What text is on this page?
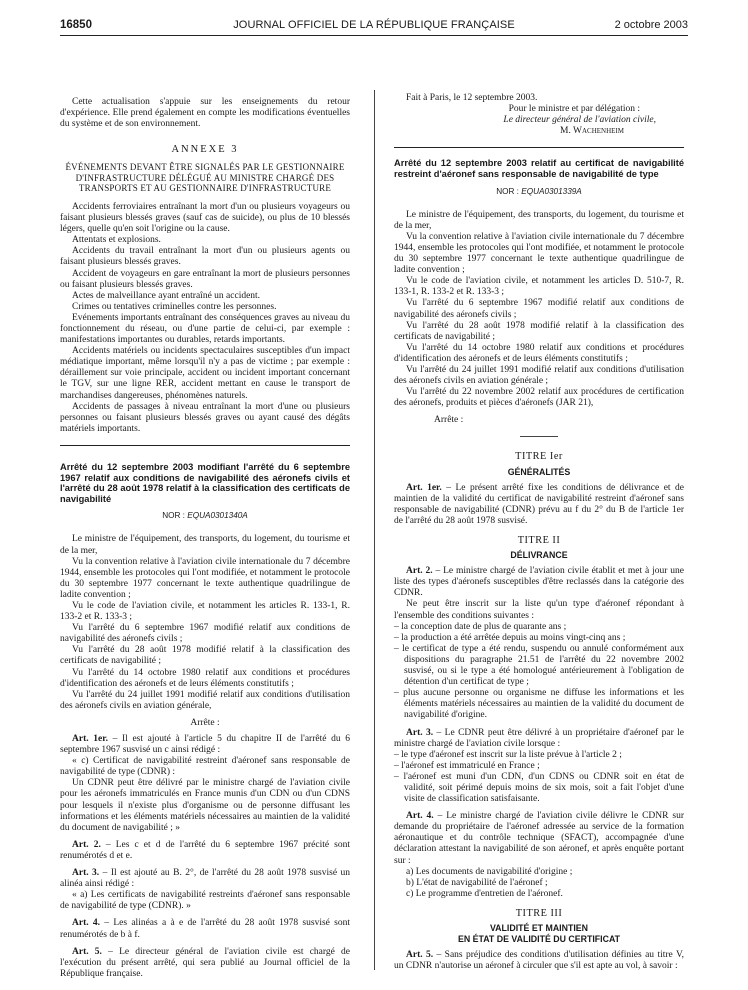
16850	JOURNAL OFFICIEL DE LA RÉPUBLIQUE FRANÇAISE	2 octobre 2003

Cette actualisation s'appuie sur les enseignements du retour d'expérience. Elle prend également en compte les modifications éventuelles du système et de son environnement.

ANNEXE 3
ÉVÉNEMENTS DEVANT ÊTRE SIGNALÉS PAR LE GESTIONNAIRE D'INFRASTRUCTURE DÉLÉGUÉ AU MINISTRE CHARGÉ DES TRANSPORTS ET AU GESTIONNAIRE D'INFRASTRUCTURE

Accidents ferroviaires entraînant la mort d'un ou plusieurs voyageurs ou faisant plusieurs blessés graves (sauf cas de suicide), ou plus de 10 blessés légers, quelle qu'en soit l'origine ou la cause.

Attentats et explosions.

Accidents du travail entraînant la mort d'un ou plusieurs agents ou faisant plusieurs blessés graves.

Accident de voyageurs en gare entraînant la mort de plusieurs personnes ou faisant plusieurs blessés graves.

Actes de malveillance ayant entraîné un accident.

Crimes ou tentatives criminelles contre les personnes.

Evénements importants entraînant des conséquences graves au niveau du fonctionnement du réseau, ou d'une partie de celui-ci, par exemple : manifestations importantes ou durables, retards importants.

Accidents matériels ou incidents spectaculaires susceptibles d'un impact médiatique important, même lorsqu'il n'y a pas de victime ; par exemple : déraillement sur voie principale, accident ou incident important concernant le TGV, sur une ligne RER, accident mettant en cause le transport de marchandises dangereuses, phénomènes naturels.

Accidents de passages à niveau entraînant la mort d'une ou plusieurs personnes ou faisant plusieurs blessés graves ou ayant causé des dégâts matériels importants.

Arrêté du 12 septembre 2003 modifiant l'arrêté du 6 septembre 1967 relatif aux conditions de navigabilité des aéronefs civils et l'arrêté du 28 août 1978 relatif à la classification des certificats de navigabilité

NOR : EQUA0301340A

Le ministre de l'équipement, des transports, du logement, du tourisme et de la mer,

Vu la convention relative à l'aviation civile internationale du 7 décembre 1944, ensemble les protocoles qui l'ont modifiée, et notamment le protocole du 30 septembre 1977 concernant le texte authentique quadrilingue de ladite convention ;

Vu le code de l'aviation civile, et notamment les articles R. 133-1, R. 133-2 et R. 133-3 ;

Vu l'arrêté du 6 septembre 1967 modifié relatif aux conditions de navigabilité des aéronefs civils ;

Vu l'arrêté du 28 août 1978 modifié relatif à la classification des certificats de navigabilité ;

Vu l'arrêté du 14 octobre 1980 relatif aux conditions et procédures d'identification des aéronefs et de leurs éléments constitutifs ;

Vu l'arrêté du 24 juillet 1991 modifié relatif aux conditions d'utilisation des aéronefs civils en aviation générale,

Arrête :

Art. 1er. – Il est ajouté à l'article 5 du chapitre II de l'arrêté du 6 septembre 1967 susvisé un c ainsi rédigé :

« c) Certificat de navigabilité restreint d'aéronef sans responsable de navigabilité de type (CDNR) :

Un CDNR peut être délivré par le ministre chargé de l'aviation civile pour les aéronefs immatriculés en France munis d'un CDN ou d'un CDNS pour lesquels il n'existe plus d'organisme ou de personne diffusant les informations et les éléments matériels nécessaires au maintien de la validité du document de navigabilité ; »

Art. 2. – Les c et d de l'arrêté du 6 septembre 1967 précité sont renumérotés d et e.

Art. 3. – Il est ajouté au B. 2°, de l'arrêté du 28 août 1978 susvisé un alinéa ainsi rédigé :

« a) Les certificats de navigabilité restreints d'aéronef sans responsable de navigabilité de type (CDNR). »

Art. 4. – Les alinéas a à e de l'arrêté du 28 août 1978 susvisé sont renumérotés de b à f.

Art. 5. – Le directeur général de l'aviation civile est chargé de l'exécution du présent arrêté, qui sera publié au Journal officiel de la République française.

Fait à Paris, le 12 septembre 2003.

Pour le ministre et par délégation :

Le directeur général de l'aviation civile,

M. Wachenheim

Arrêté du 12 septembre 2003 relatif au certificat de navigabilité restreint d'aéronef sans responsable de navigabilité de type

NOR : EQUA0301339A

Le ministre de l'équipement, des transports, du logement, du tourisme et de la mer,

Vu la convention relative à l'aviation civile internationale du 7 décembre 1944, ensemble les protocoles qui l'ont modifiée, et notamment le protocole du 30 septembre 1977 concernant le texte authentique quadrilingue de ladite convention ;

Vu le code de l'aviation civile, et notamment les articles D. 510-7, R. 133-1, R. 133-2 et R. 133-3 ;

Vu l'arrêté du 6 septembre 1967 modifié relatif aux conditions de navigabilité des aéronefs civils ;

Vu l'arrêté du 28 août 1978 modifié relatif à la classification des certificats de navigabilité ;

Vu l'arrêté du 14 octobre 1980 relatif aux conditions et procédures d'identification des aéronefs et de leurs éléments constitutifs ;

Vu l'arrêté du 24 juillet 1991 modifié relatif aux conditions d'utilisation des aéronefs civils en aviation générale ;

Vu l'arrêté du 22 novembre 2002 relatif aux procédures de certification des aéronefs, produits et pièces d'aéronefs (JAR 21),

Arrête :

TITRE Ier
GÉNÉRALITÉS

Art. 1er. – Le présent arrêté fixe les conditions de délivrance et de maintien de la validité du certificat de navigabilité restreint d'aéronef sans responsable de navigabilité (CDNR) prévu au f du 2° du B de l'article 1er de l'arrêté du 28 août 1978 susvisé.

TITRE II
DÉLIVRANCE

Art. 2. – Le ministre chargé de l'aviation civile établit et met à jour une liste des types d'aéronefs susceptibles d'être reclassés dans la catégorie des CDNR.

Ne peut être inscrit sur la liste qu'un type d'aéronef répondant à l'ensemble des conditions suivantes :

– la conception date de plus de quarante ans ;
– la production a été arrêtée depuis au moins vingt-cinq ans ;
– le certificat de type a été rendu, suspendu ou annulé conformément aux dispositions du paragraphe 21.51 de l'arrêté du 22 novembre 2002 susvisé, ou si le type a été homologué antérieurement à l'obligation de détention d'un certificat de type ;
– plus aucune personne ou organisme ne diffuse les informations et les éléments matériels nécessaires au maintien de la validité du document de navigabilité d'origine.

Art. 3. – Le CDNR peut être délivré à un propriétaire d'aéronef par le ministre chargé de l'aviation civile lorsque :

– le type d'aéronef est inscrit sur la liste prévue à l'article 2 ;
– l'aéronef est immatriculé en France ;
– l'aéronef est muni d'un CDN, d'un CDNS ou CDNR soit en état de validité, soit périmé depuis moins de six mois, soit a fait l'objet d'une visite de classification satisfaisante.

Art. 4. – Le ministre chargé de l'aviation civile délivre le CDNR sur demande du propriétaire de l'aéronef adressée au service de la formation aéronautique et du contrôle technique (SFACT), accompagnée d'une déclaration attestant la navigabilité de son aéronef, et après enquête portant sur :

a) Les documents de navigabilité d'origine ;

b) L'état de navigabilité de l'aéronef ;

c) Le programme d'entretien de l'aéronef.

TITRE III
VALIDITÉ ET MAINTIEN
EN ÉTAT DE VALIDITÉ DU CERTIFICAT

Art. 5. – Sans préjudice des conditions d'utilisation définies au titre V, un CDNR n'autorise un aéronef à circuler que s'il est apte au vol, à savoir :
